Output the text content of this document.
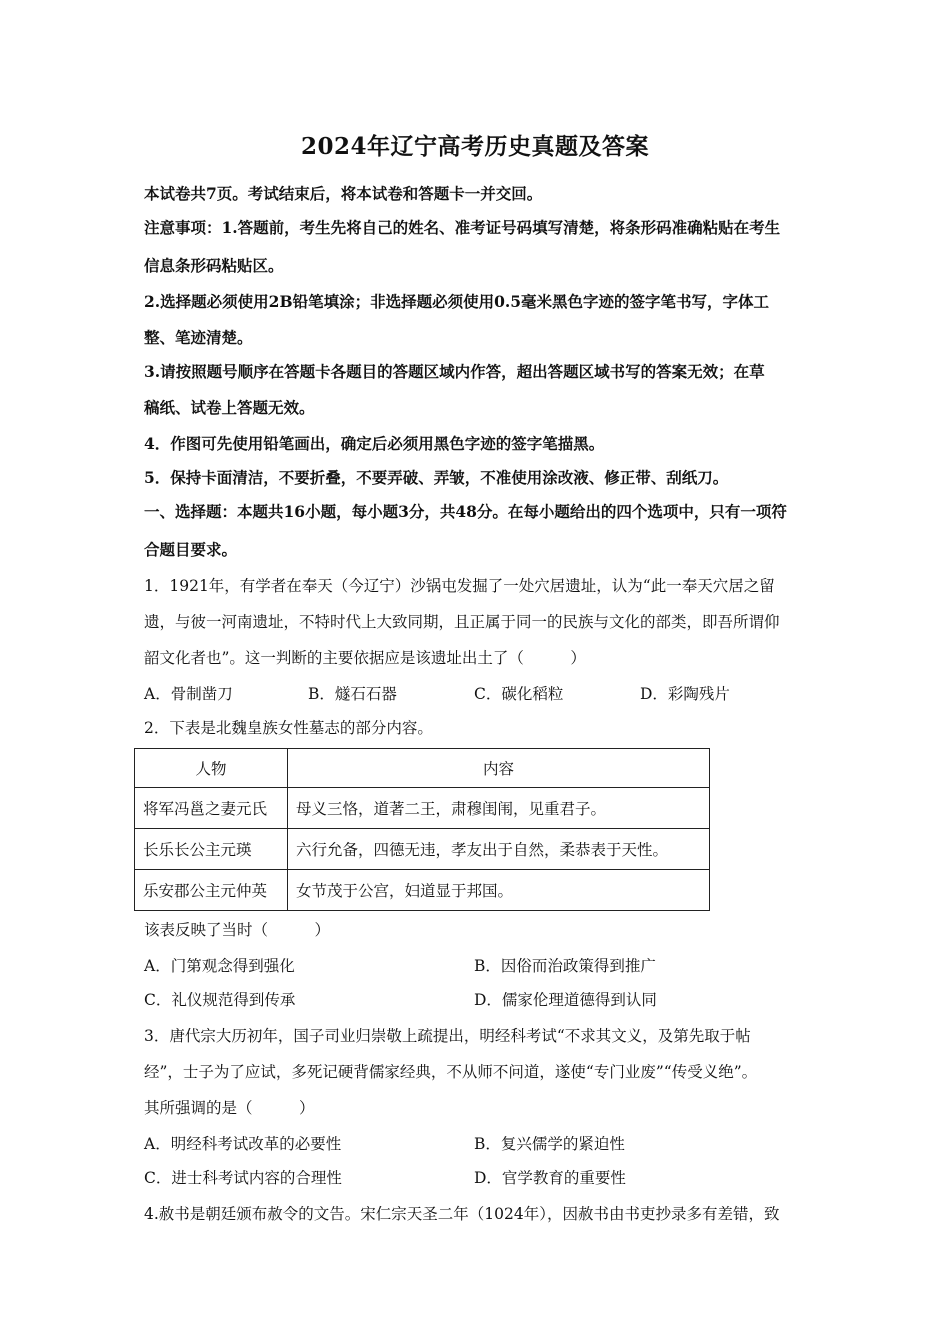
2024年辽宁高考历史真题及答案
本试卷共7页。考试结束后，将本试卷和答题卡一并交回。
注意事项：1.答题前，考生先将自己的姓名、准考证号码填写清楚，将条形码准确粘贴在考生
信息条形码粘贴区。
2.选择题必须使用2B铅笔填涂；非选择题必须使用0.5毫米黑色字迹的签字笔书写，字体工
整、笔迹清楚。
3.请按照题号顺序在答题卡各题目的答题区域内作答，超出答题区域书写的答案无效；在草
稿纸、试卷上答题无效。
4．作图可先使用铅笔画出，确定后必须用黑色字迹的签字笔描黑。
5．保持卡面清洁，不要折叠，不要弄破、弄皱，不准使用涂改液、修正带、刮纸刀。
一、选择题：本题共16小题，每小题3分，共48分。在每小题给出的四个选项中，只有一项符
合题目要求。
1．1921年，有学者在奉天（今辽宁）沙锅屯发掘了一处穴居遗址，认为“此一奉天穴居之留
遗，与彼一河南遗址，不特时代上大致同期，且正属于同一的民族与文化的部类，即吾所谓仰
韶文化者也”。这一判断的主要依据应是该遗址出土了（　　　）
A．骨制凿刀	B．燧石石器	C．碳化稻粒	D．彩陶残片
2．下表是北魏皇族女性墓志的部分内容。
人物	内容
将军冯邕之妻元氏	母义三恪，道著二王，肃穆闺闱，见重君子。
长乐长公主元瑛	六行允备，四德无违，孝友出于自然，柔恭表于天性。
乐安郡公主元仲英	女节茂于公宫，妇道显于邦国。
该表反映了当时（　　　）
A．门第观念得到强化	B．因俗而治政策得到推广
C．礼仪规范得到传承	D．儒家伦理道德得到认同
3．唐代宗大历初年，国子司业归崇敬上疏提出，明经科考试“不求其文义，及第先取于帖
经”，士子为了应试，多死记硬背儒家经典，不从师不问道，遂使“专门业废”“传受义绝”。
其所强调的是（　　　）
A．明经科考试改革的必要性	B．复兴儒学的紧迫性
C．进士科考试内容的合理性	D．官学教育的重要性
4.赦书是朝廷颁布赦令的文告。宋仁宗天圣二年（1024年），因赦书由书吏抄录多有差错，致
